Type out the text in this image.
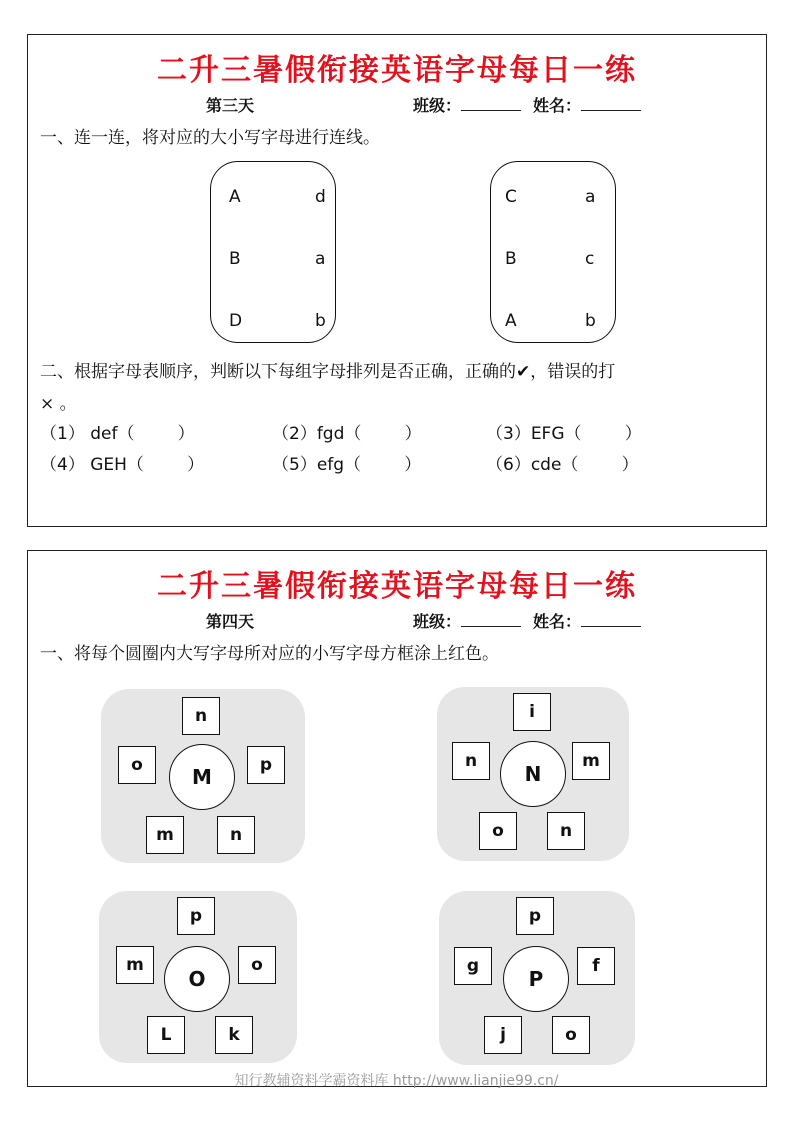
二升三暑假衔接英语字母每日一练
第三天	班级：	姓名：
一、连一连，将对应的大小写字母进行连线。
A
B
D
d
a
b
C
B
A
a
c
b
二、根据字母表顺序，判断以下每组字母排列是否正确，正确的✔，错误的打
× 。
（1） def（        ）	（2）fgd（        ）	（3）EFG（        ）
（4） GEH（        ）	（5）efg（        ）	（6）cde（        ）
二升三暑假衔接英语字母每日一练
第四天	班级：	姓名：
一、将每个圆圈内大写字母所对应的小写字母方框涂上红色。
n
o	p
m	n
M
i
n	m
o	n
N
p
m	o
L	k
O
p
g	f
j	o
P
知行教辅资料学霸资料库 http://www.lianjie99.cn/
